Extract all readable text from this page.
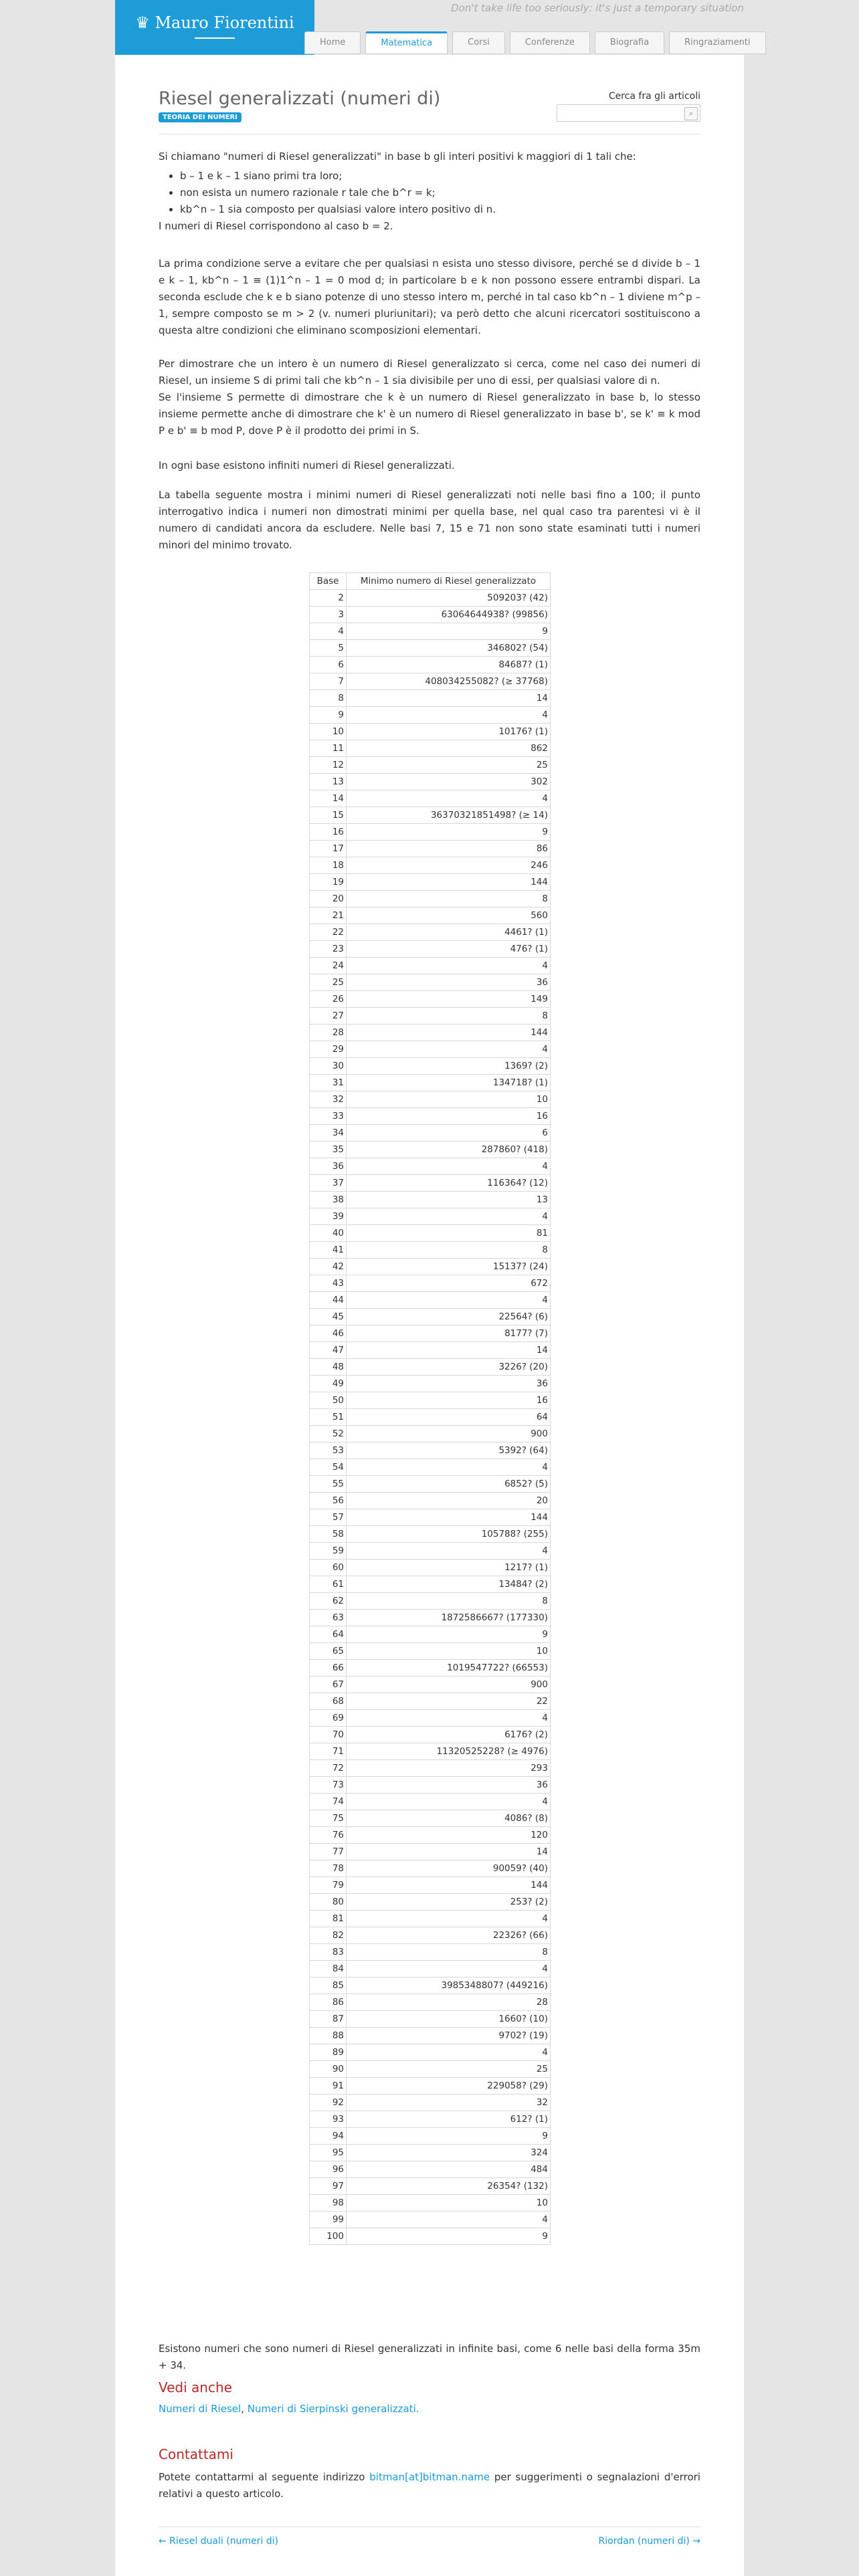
♛ Mauro Fiorentini
Don't take life too seriously: it's just a temporary situation
Home	Matematica	Corsi	Conferenze	Biografia	Ringraziamenti
Riesel generalizzati (numeri di)
TEORIA DEI NUMERI
Cerca fra gli articoli
⌕

Si chiamano "numeri di Riesel generalizzati" in base b gli interi positivi k maggiori di 1 tali che:

• b – 1 e k – 1 siano primi tra loro;
• non esista un numero razionale r tale che b^r = k;
• kb^n – 1 sia composto per qualsiasi valore intero positivo di n.

I numeri di Riesel corrispondono al caso b = 2.

La prima condizione serve a evitare che per qualsiasi n esista uno stesso divisore, perché se d divide b – 1 e k – 1, kb^n – 1 ≡ (1)1^n – 1 = 0 mod d; in particolare b e k non possono essere entrambi dispari. La seconda esclude che k e b siano potenze di uno stesso intero m, perché in tal caso kb^n – 1 diviene m^p – 1, sempre composto se m > 2 (v. numeri pluriunitari); va però detto che alcuni ricercatori sostituiscono a questa altre condizioni che eliminano scomposizioni elementari.

Per dimostrare che un intero è un numero di Riesel generalizzato si cerca, come nel caso dei numeri di Riesel, un insieme S di primi tali che kb^n – 1 sia divisibile per uno di essi, per qualsiasi valore di n.

Se l'insieme S permette di dimostrare che k è un numero di Riesel generalizzato in base b, lo stesso insieme permette anche di dimostrare che k' è un numero di Riesel generalizzato in base b', se k' ≡ k mod P e b' ≡ b mod P, dove P è il prodotto dei primi in S.

In ogni base esistono infiniti numeri di Riesel generalizzati.
La tabella seguente mostra i minimi numeri di Riesel generalizzati noti nelle basi fino a 100; il punto interrogativo indica i numeri non dimostrati minimi per quella base, nel qual caso tra parentesi vi è il numero di candidati ancora da escludere. Nelle basi 7, 15 e 71 non sono state esaminati tutti i numeri minori del minimo trovato.
Base	Minimo numero di Riesel generalizzato
2	509203? (42)
3	63064644938? (99856)
4	9
5	346802? (54)
6	84687? (1)
7	408034255082? (≥ 37768)
8	14
9	4
10	10176? (1)
11	862
12	25
13	302
14	4
15	36370321851498? (≥ 14)
16	9
17	86
18	246
19	144
20	8
21	560
22	4461? (1)
23	476? (1)
24	4
25	36
26	149
27	8
28	144
29	4
30	1369? (2)
31	134718? (1)
32	10
33	16
34	6
35	287860? (418)
36	4
37	116364? (12)
38	13
39	4
40	81
41	8
42	15137? (24)
43	672
44	4
45	22564? (6)
46	8177? (7)
47	14
48	3226? (20)
49	36
50	16
51	64
52	900
53	5392? (64)
54	4
55	6852? (5)
56	20
57	144
58	105788? (255)
59	4
60	1217? (1)
61	13484? (2)
62	8
63	1872586667? (177330)
64	9
65	10
66	1019547722? (66553)
67	900
68	22
69	4
70	6176? (2)
71	11320525228? (≥ 4976)
72	293
73	36
74	4
75	4086? (8)
76	120
77	14
78	90059? (40)
79	144
80	253? (2)
81	4
82	22326? (66)
83	8
84	4
85	3985348807? (449216)
86	28
87	1660? (10)
88	9702? (19)
89	4
90	25
91	229058? (29)
92	32
93	612? (1)
94	9
95	324
96	484
97	26354? (132)
98	10
99	4
100	9
Esistono numeri che sono numeri di Riesel generalizzati in infinite basi, come 6 nelle basi della forma 35m + 34.
Vedi anche
Numeri di Riesel, Numeri di Sierpinski generalizzati.
Contattami
Potete contattarmi al seguente indirizzo bitman[at]bitman.name per suggerimenti o segnalazioni d'errori relativi a questo articolo.
← Riesel duali (numeri di)	Riordan (numeri di) →
